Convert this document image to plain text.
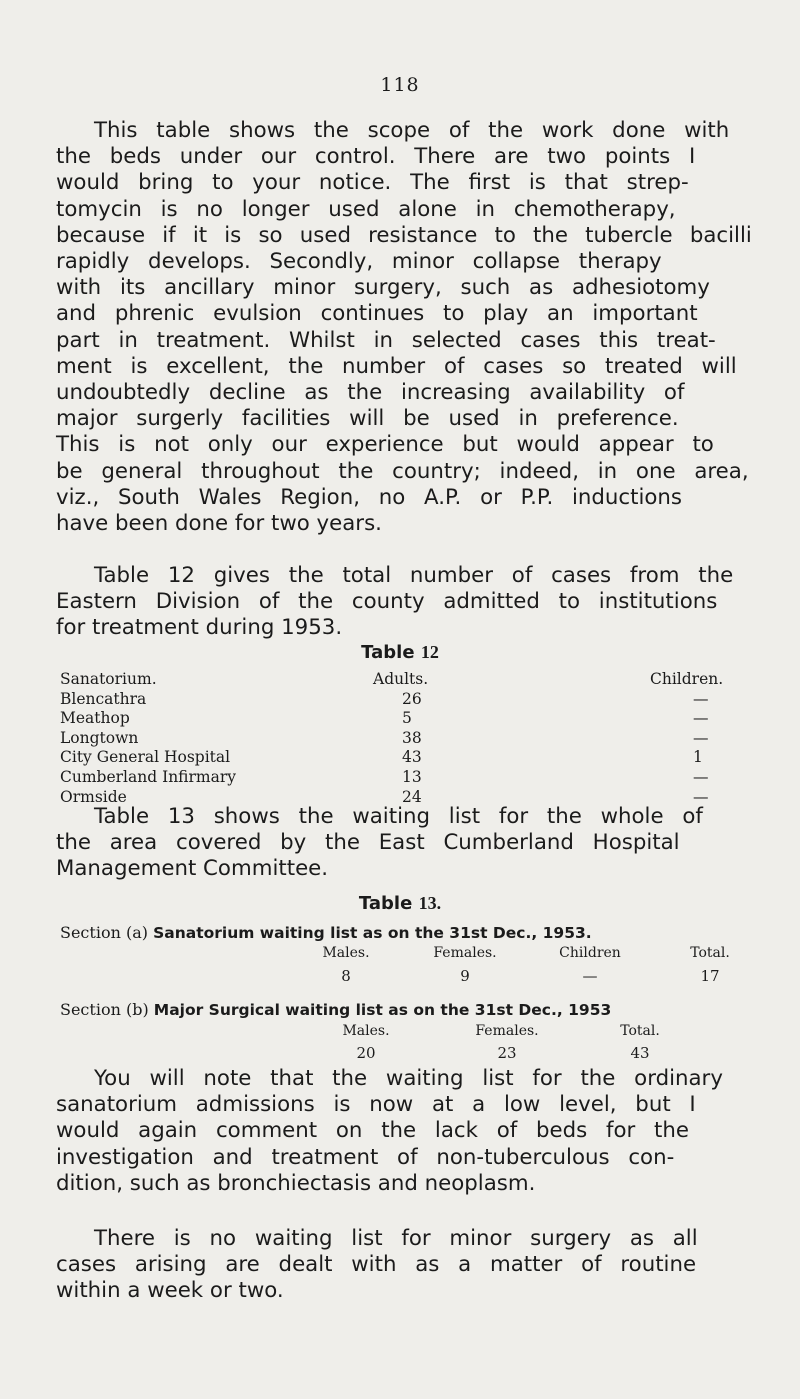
118
This table shows the scope of the work done with
the beds under our control. There are two points I
would bring to your notice. The first is that strep-
tomycin is no longer used alone in chemotherapy,
because if it is so used resistance to the tubercle bacilli
rapidly develops. Secondly, minor collapse therapy
with its ancillary minor surgery, such as adhesiotomy
and phrenic evulsion continues to play an important
part in treatment. Whilst in selected cases this treat-
ment is excellent, the number of cases so treated will
undoubtedly decline as the increasing availability of
major surgerly facilities will be used in preference.
This is not only our experience but would appear to
be general throughout the country; indeed, in one area,
viz., South Wales Region, no A.P. or P.P. inductions
have been done for two years.
Table 12 gives the total number of cases from the
Eastern Division of the county admitted to institutions
for treatment during 1953.
Table 12
Sanatorium.	Adults.	Children.
Blencathra	26	—
Meathop	5	—
Longtown	38	—
City General Hospital	43	1
Cumberland Infirmary	13	—
Ormside	24	—
Table 13 shows the waiting list for the whole of
the area covered by the East Cumberland Hospital
Management Committee.
Table 13.
Section (a) Sanatorium waiting list as on the 31st Dec., 1953.
Males.	Females.	Children	Total.
8	9	—	17
Section (b) Major Surgical waiting list as on the 31st Dec., 1953
Males.	Females.	Total.
20	23	43
You will note that the waiting list for the ordinary
sanatorium admissions is now at a low level, but I
would again comment on the lack of beds for the
investigation and treatment of non-tuberculous con-
dition, such as bronchiectasis and neoplasm.
There is no waiting list for minor surgery as all
cases arising are dealt with as a matter of routine
within a week or two.
